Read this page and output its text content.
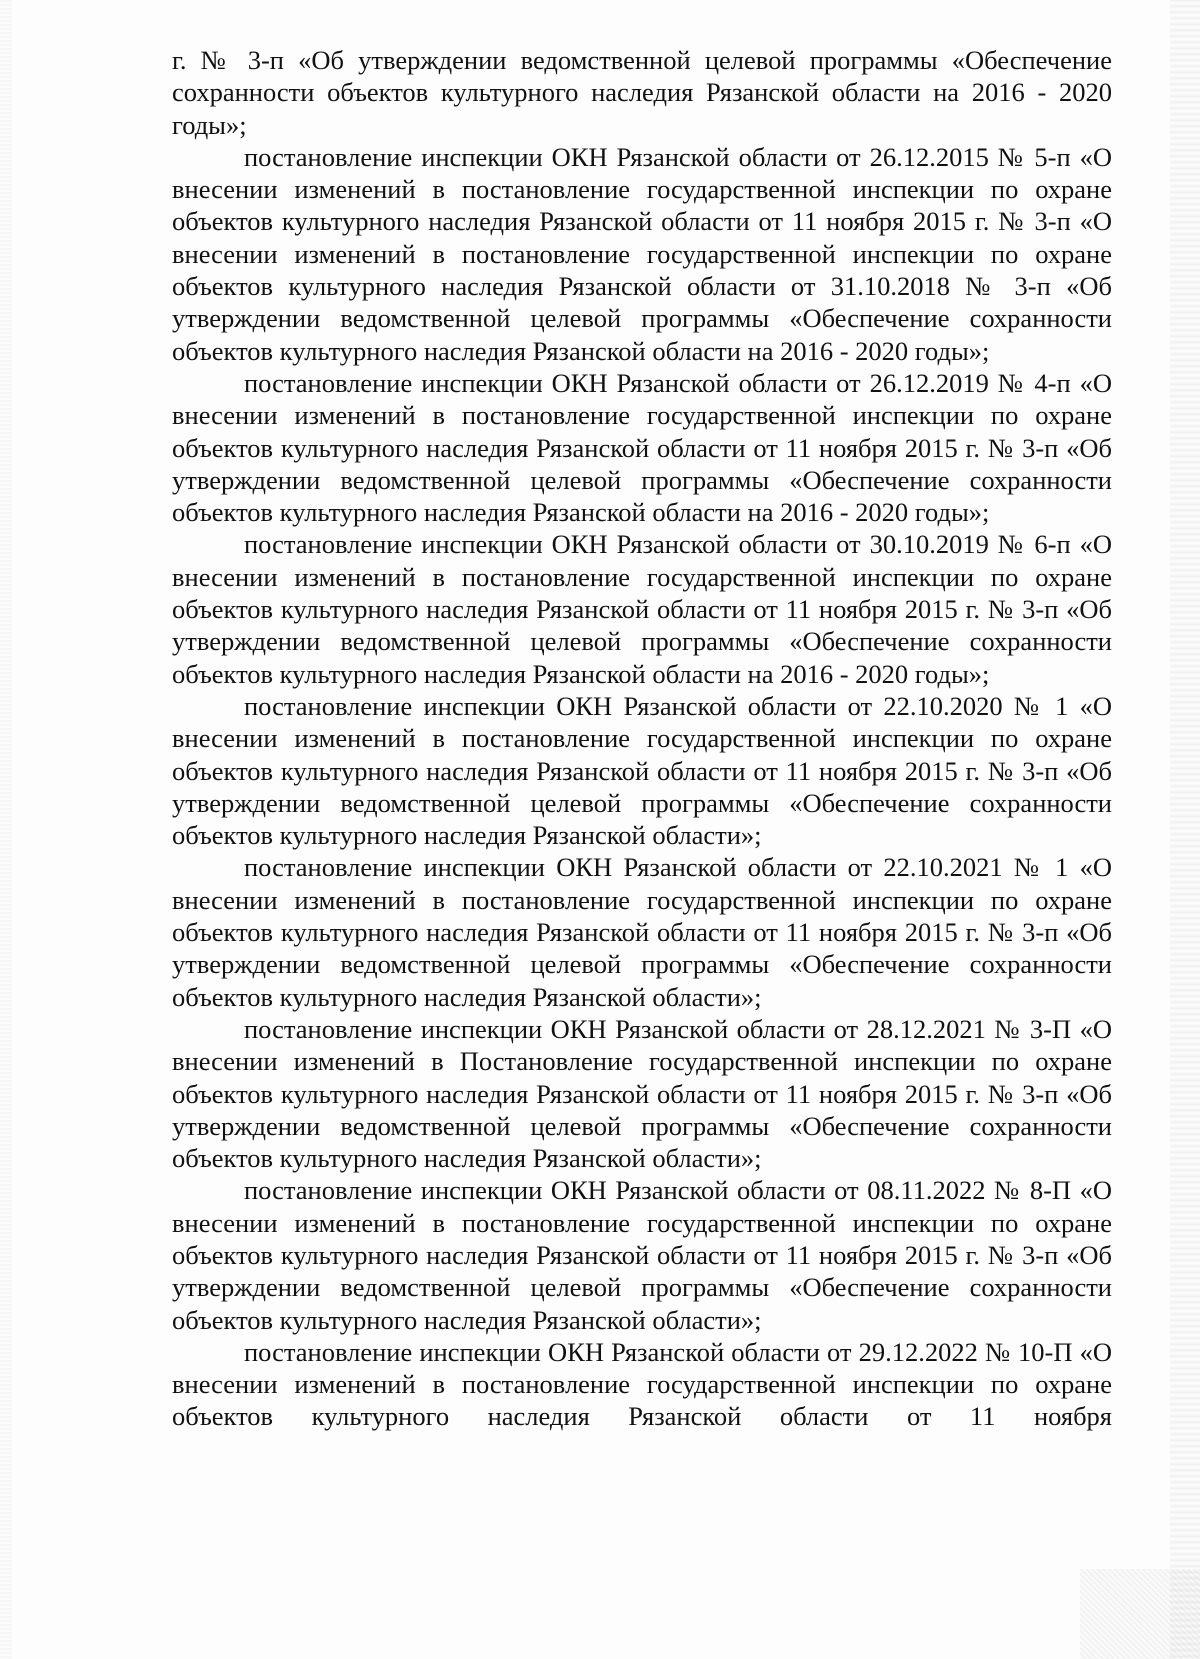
г. № 3-п «Об утверждении ведомственной целевой программы «Обеспечение сохранности объектов культурного наследия Рязанской области на 2016 - 2020 годы»;

постановление инспекции ОКН Рязанской области от 26.12.2015 № 5-п «О внесении изменений в постановление государственной инспекции по охране объектов культурного наследия Рязанской области от 11 ноября 2015 г. № 3-п «О внесении изменений в постановление государственной инспекции по охране объектов культурного наследия Рязанской области от 31.10.2018 № 3-п «Об утверждении ведомственной целевой программы «Обеспечение сохранности объектов культурного наследия Рязанской области на 2016 - 2020 годы»;

постановление инспекции ОКН Рязанской области от 26.12.2019 № 4-п «О внесении изменений в постановление государственной инспекции по охране объектов культурного наследия Рязанской области от 11 ноября 2015 г. № 3-п «Об утверждении ведомственной целевой программы «Обеспечение сохранности объектов культурного наследия Рязанской области на 2016 - 2020 годы»;

постановление инспекции ОКН Рязанской области от 30.10.2019 № 6-п «О внесении изменений в постановление государственной инспекции по охране объектов культурного наследия Рязанской области от 11 ноября 2015 г. № 3-п «Об утверждении ведомственной целевой программы «Обеспечение сохранности объектов культурного наследия Рязанской области на 2016 - 2020 годы»;

постановление инспекции ОКН Рязанской области от 22.10.2020 № 1 «О внесении изменений в постановление государственной инспекции по охране объектов культурного наследия Рязанской области от 11 ноября 2015 г. № 3-п «Об утверждении ведомственной целевой программы «Обеспечение сохранности объектов культурного наследия Рязанской области»;

постановление инспекции ОКН Рязанской области от 22.10.2021 № 1 «О внесении изменений в постановление государственной инспекции по охране объектов культурного наследия Рязанской области от 11 ноября 2015 г. № 3-п «Об утверждении ведомственной целевой программы «Обеспечение сохранности объектов культурного наследия Рязанской области»;

постановление инспекции ОКН Рязанской области от 28.12.2021 № 3-П «О внесении изменений в Постановление государственной инспекции по охране объектов культурного наследия Рязанской области от 11 ноября 2015 г. № 3-п «Об утверждении ведомственной целевой программы «Обеспечение сохранности объектов культурного наследия Рязанской области»;

постановление инспекции ОКН Рязанской области от 08.11.2022 № 8-П «О внесении изменений в постановление государственной инспекции по охране объектов культурного наследия Рязанской области от 11 ноября 2015 г. № 3-п «Об утверждении ведомственной целевой программы «Обеспечение сохранности объектов культурного наследия Рязанской области»;

постановление инспекции ОКН Рязанской области от 29.12.2022 № 10-П «О внесении изменений в постановление государственной инспекции по охране объектов культурного наследия Рязанской области от 11 ноября
